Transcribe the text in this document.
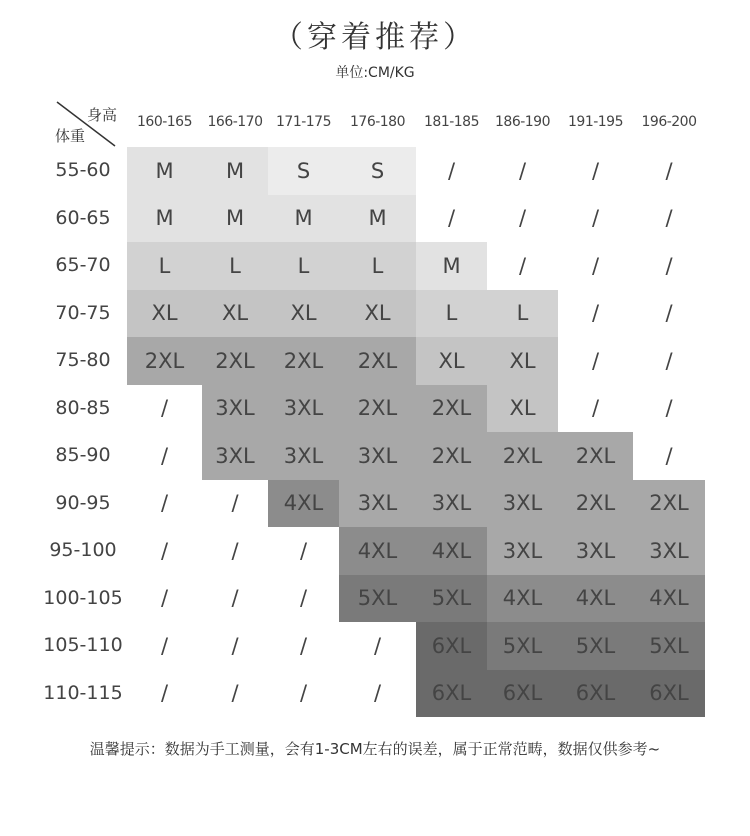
（穿着推荐）
单位:CM/KG
身高
体重
160-165	166-170 171-175	176-180	181-185	186-190	191-195	196-200
55-60	M	M	S	S	/	/	/	/
60-65	M	M	M	M	/	/	/	/
65-70	L	L	L	L	M	/	/	/
70-75	XL	XL	XL	XL	L	L	/	/
75-80	2XL	2XL	2XL	2XL	XL	XL	/	/
80-85	/	3XL	3XL	2XL	2XL	XL	/	/
85-90	/	3XL	3XL	3XL	2XL	2XL	2XL	/
90-95	/	/	4XL	3XL	3XL	3XL	2XL	2XL
95-100	/	/	/	4XL	4XL	3XL	3XL	3XL
100-105	/	/	/	5XL	5XL	4XL	4XL	4XL
105-110	/	/	/	/	6XL	5XL	5XL	5XL
110-115	/	/	/	/	6XL	6XL	6XL	6XL
温馨提示：数据为手工测量，会有1-3CM左右的误差，属于正常范畴，数据仅供参考~
